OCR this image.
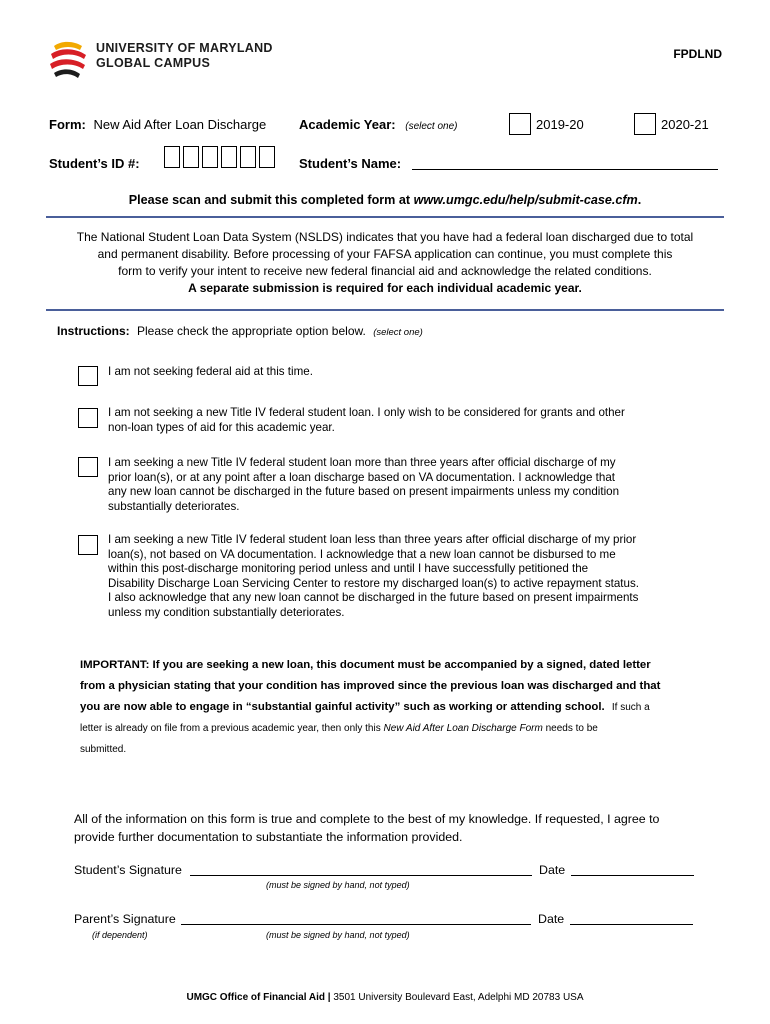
UNIVERSITY OF MARYLAND
GLOBAL CAMPUS
FPDLND
Form: New Aid After Loan Discharge	Academic Year: (select one)	2019-20	2020-21
Student’s ID #:	Student’s Name:
Please scan and submit this completed form at www.umgc.edu/help/submit-case.cfm.
The National Student Loan Data System (NSLDS) indicates that you have had a federal loan discharged due to total
and permanent disability. Before processing of your FAFSA application can continue, you must complete this
form to verify your intent to receive new federal financial aid and acknowledge the related conditions.
A separate submission is required for each individual academic year.
Instructions: Please check the appropriate option below. (select one)
I am not seeking federal aid at this time.
I am not seeking a new Title IV federal student loan. I only wish to be considered for grants and other
non-loan types of aid for this academic year.
I am seeking a new Title IV federal student loan more than three years after official discharge of my
prior loan(s), or at any point after a loan discharge based on VA documentation. I acknowledge that
any new loan cannot be discharged in the future based on present impairments unless my condition
substantially deteriorates.
I am seeking a new Title IV federal student loan less than three years after official discharge of my prior
loan(s), not based on VA documentation. I acknowledge that a new loan cannot be disbursed to me
within this post-discharge monitoring period unless and until I have successfully petitioned the
Disability Discharge Loan Servicing Center to restore my discharged loan(s) to active repayment status.
I also acknowledge that any new loan cannot be discharged in the future based on present impairments
unless my condition substantially deteriorates.
IMPORTANT: If you are seeking a new loan, this document must be accompanied by a signed, dated letter
from a physician stating that your condition has improved since the previous loan was discharged and that
you are now able to engage in “substantial gainful activity” such as working or attending school. If such a
letter is already on file from a previous academic year, then only this New Aid After Loan Discharge Form needs to be
submitted.
All of the information on this form is true and complete to the best of my knowledge. If requested, I agree to
provide further documentation to substantiate the information provided.
Student’s Signature	Date
(must be signed by hand, not typed)
Parent’s Signature	Date
(if dependent)	(must be signed by hand, not typed)
UMGC Office of Financial Aid | 3501 University Boulevard East, Adelphi MD 20783 USA
